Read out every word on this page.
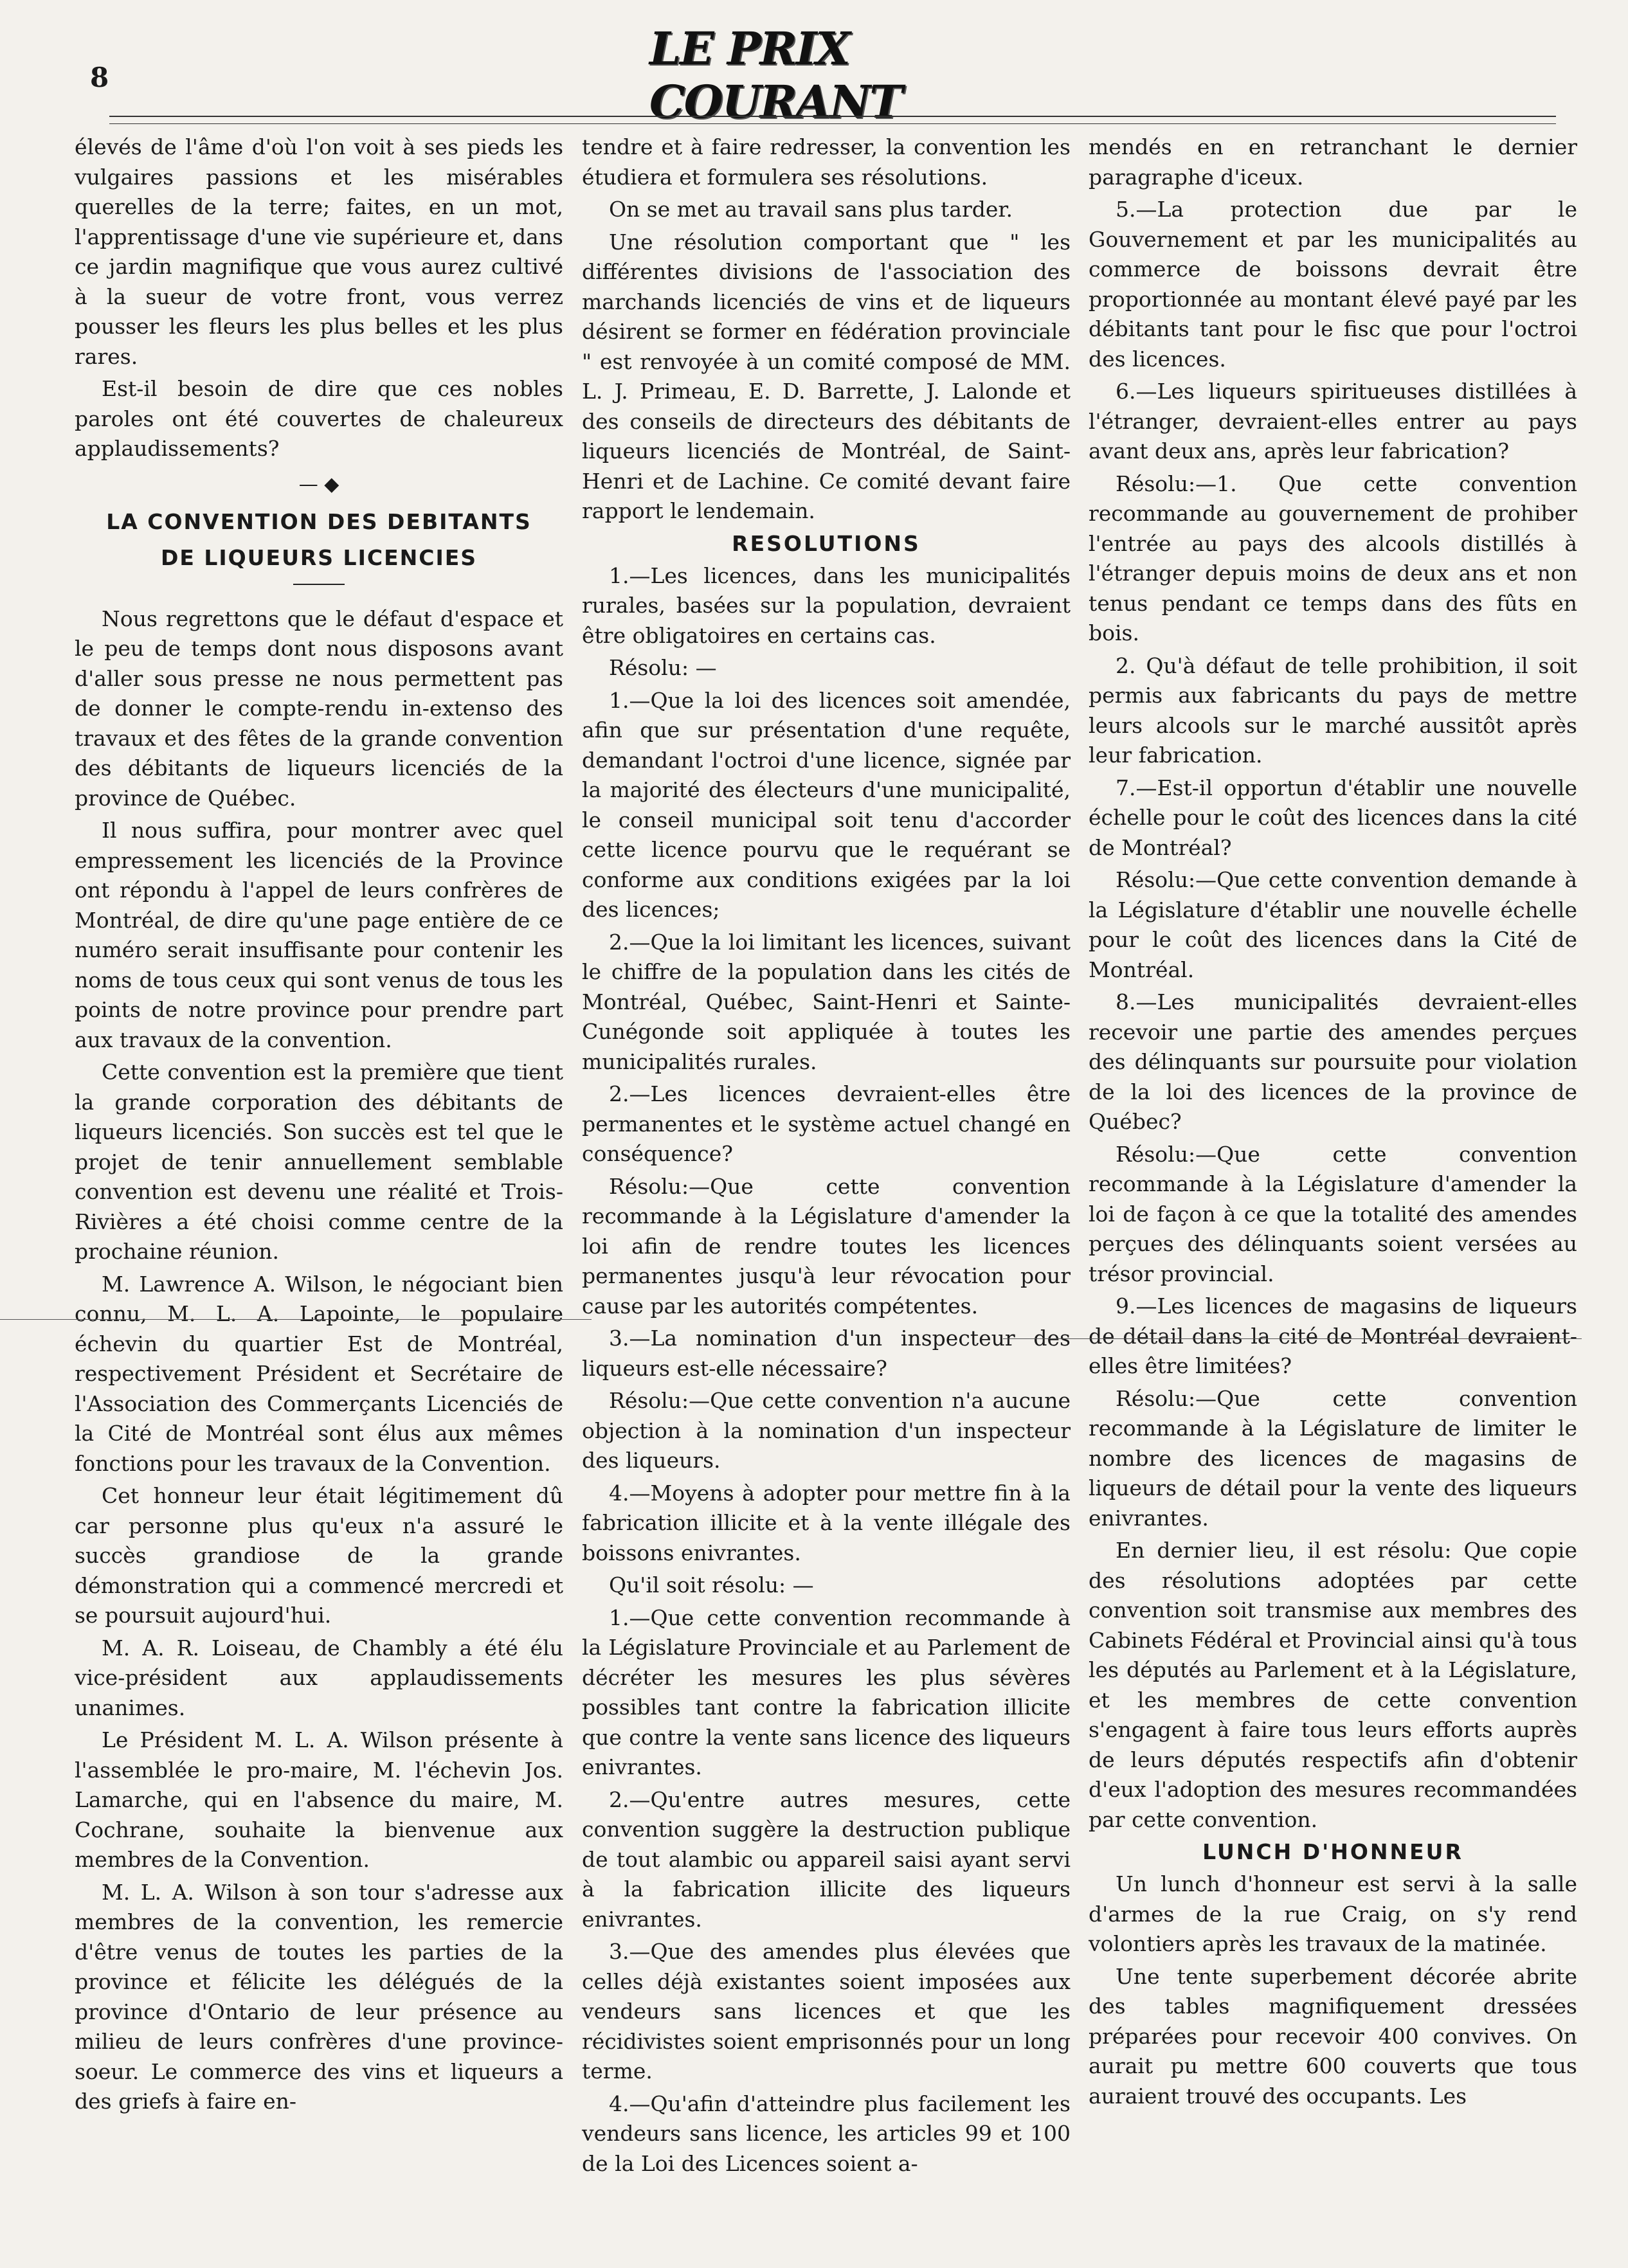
8
LE PRIX COURANT

élevés de l'âme d'où l'on voit à ses pieds les vulgaires passions et les misérables querelles de la terre; faites, en un mot, l'apprentissage d'une vie supérieure et, dans ce jardin magnifique que vous aurez cultivé à la sueur de votre front, vous verrez pousser les fleurs les plus belles et les plus rares.

Est-il besoin de dire que ces nobles paroles ont été couvertes de chaleureux applaudissements?

— ◆

LA CONVENTION DES DEBITANTS

DE LIQUEURS LICENCIES

Nous regrettons que le défaut d'espace et le peu de temps dont nous disposons avant d'aller sous presse ne nous permettent pas de donner le compte-rendu in-extenso des travaux et des fêtes de la grande convention des débitants de liqueurs licenciés de la province de Québec.

Il nous suffira, pour montrer avec quel empressement les licenciés de la Province ont répondu à l'appel de leurs confrères de Montréal, de dire qu'une page entière de ce numéro serait insuffisante pour contenir les noms de tous ceux qui sont venus de tous les points de notre province pour prendre part aux travaux de la convention.

Cette convention est la première que tient la grande corporation des débitants de liqueurs licenciés. Son succès est tel que le projet de tenir annuellement semblable convention est devenu une réalité et Trois-Rivières a été choisi comme centre de la prochaine réunion.

M. Lawrence A. Wilson, le négociant bien connu, M. L. A. Lapointe, le populaire échevin du quartier Est de Montréal, respectivement Président et Secrétaire de l'Association des Commerçants Licenciés de la Cité de Montréal sont élus aux mêmes fonctions pour les travaux de la Convention.

Cet honneur leur était légitimement dû car personne plus qu'eux n'a assuré le succès grandiose de la grande démonstration qui a commencé mercredi et se poursuit aujourd'hui.

M. A. R. Loiseau, de Chambly a été élu vice-président aux applaudissements unanimes.

Le Président M. L. A. Wilson présente à l'assemblée le pro-maire, M. l'échevin Jos. Lamarche, qui en l'absence du maire, M. Cochrane, souhaite la bienvenue aux membres de la Convention.

M. L. A. Wilson à son tour s'adresse aux membres de la convention, les remercie d'être venus de toutes les parties de la province et félicite les délégués de la province d'Ontario de leur présence au milieu de leurs confrères d'une province-soeur. Le commerce des vins et liqueurs a des griefs à faire en-

tendre et à faire redresser, la convention les étudiera et formulera ses résolutions.

On se met au travail sans plus tarder.

Une résolution comportant que " les différentes divisions de l'association des marchands licenciés de vins et de liqueurs désirent se former en fédération provinciale " est renvoyée à un comité composé de MM. L. J. Primeau, E. D. Barrette, J. Lalonde et des conseils de directeurs des débitants de liqueurs licenciés de Montréal, de Saint-Henri et de Lachine. Ce comité devant faire rapport le lendemain.

RESOLUTIONS

1.—Les licences, dans les municipalités rurales, basées sur la population, devraient être obligatoires en certains cas.

Résolu: —

1.—Que la loi des licences soit amendée, afin que sur présentation d'une requête, demandant l'octroi d'une licence, signée par la majorité des électeurs d'une municipalité, le conseil municipal soit tenu d'accorder cette licence pourvu que le requérant se conforme aux conditions exigées par la loi des licences;

2.—Que la loi limitant les licences, suivant le chiffre de la population dans les cités de Montréal, Québec, Saint-Henri et Sainte-Cunégonde soit appliquée à toutes les municipalités rurales.

2.—Les licences devraient-elles être permanentes et le système actuel changé en conséquence?

Résolu:—Que cette convention recommande à la Législature d'amender la loi afin de rendre toutes les licences permanentes jusqu'à leur révocation pour cause par les autorités compétentes.

3.—La nomination d'un inspecteur des liqueurs est-elle nécessaire?

Résolu:—Que cette convention n'a aucune objection à la nomination d'un inspecteur des liqueurs.

4.—Moyens à adopter pour mettre fin à la fabrication illicite et à la vente illégale des boissons enivrantes.

Qu'il soit résolu: —

1.—Que cette convention recommande à la Législature Provinciale et au Parlement de décréter les mesures les plus sévères possibles tant contre la fabrication illicite que contre la vente sans licence des liqueurs enivrantes.

2.—Qu'entre autres mesures, cette convention suggère la destruction publique de tout alambic ou appareil saisi ayant servi à la fabrication illicite des liqueurs enivrantes.

3.—Que des amendes plus élevées que celles déjà existantes soient imposées aux vendeurs sans licences et que les récidivistes soient emprisonnés pour un long terme.

4.—Qu'afin d'atteindre plus facilement les vendeurs sans licence, les articles 99 et 100 de la Loi des Licences soient a-

mendés en en retranchant le dernier paragraphe d'iceux.

5.—La protection due par le Gouvernement et par les municipalités au commerce de boissons devrait être proportionnée au montant élevé payé par les débitants tant pour le fisc que pour l'octroi des licences.

6.—Les liqueurs spiritueuses distillées à l'étranger, devraient-elles entrer au pays avant deux ans, après leur fabrication?

Résolu:—1. Que cette convention recommande au gouvernement de prohiber l'entrée au pays des alcools distillés à l'étranger depuis moins de deux ans et non tenus pendant ce temps dans des fûts en bois.

2. Qu'à défaut de telle prohibition, il soit permis aux fabricants du pays de mettre leurs alcools sur le marché aussitôt après leur fabrication.

7.—Est-il opportun d'établir une nouvelle échelle pour le coût des licences dans la cité de Montréal?

Résolu:—Que cette convention demande à la Législature d'établir une nouvelle échelle pour le coût des licences dans la Cité de Montréal.

8.—Les municipalités devraient-elles recevoir une partie des amendes perçues des délinquants sur poursuite pour violation de la loi des licences de la province de Québec?

Résolu:—Que cette convention recommande à la Législature d'amender la loi de façon à ce que la totalité des amendes perçues des délinquants soient versées au trésor provincial.

9.—Les licences de magasins de liqueurs de détail dans la cité de Montréal devraient-elles être limitées?

Résolu:—Que cette convention recommande à la Législature de limiter le nombre des licences de magasins de liqueurs de détail pour la vente des liqueurs enivrantes.

En dernier lieu, il est résolu: Que copie des résolutions adoptées par cette convention soit transmise aux membres des Cabinets Fédéral et Provincial ainsi qu'à tous les députés au Parlement et à la Législature, et les membres de cette convention s'engagent à faire tous leurs efforts auprès de leurs députés respectifs afin d'obtenir d'eux l'adoption des mesures recommandées par cette convention.

LUNCH D'HONNEUR

Un lunch d'honneur est servi à la salle d'armes de la rue Craig, on s'y rend volontiers après les travaux de la matinée.

Une tente superbement décorée abrite des tables magnifiquement dressées préparées pour recevoir 400 convives. On aurait pu mettre 600 couverts que tous auraient trouvé des occupants. Les
